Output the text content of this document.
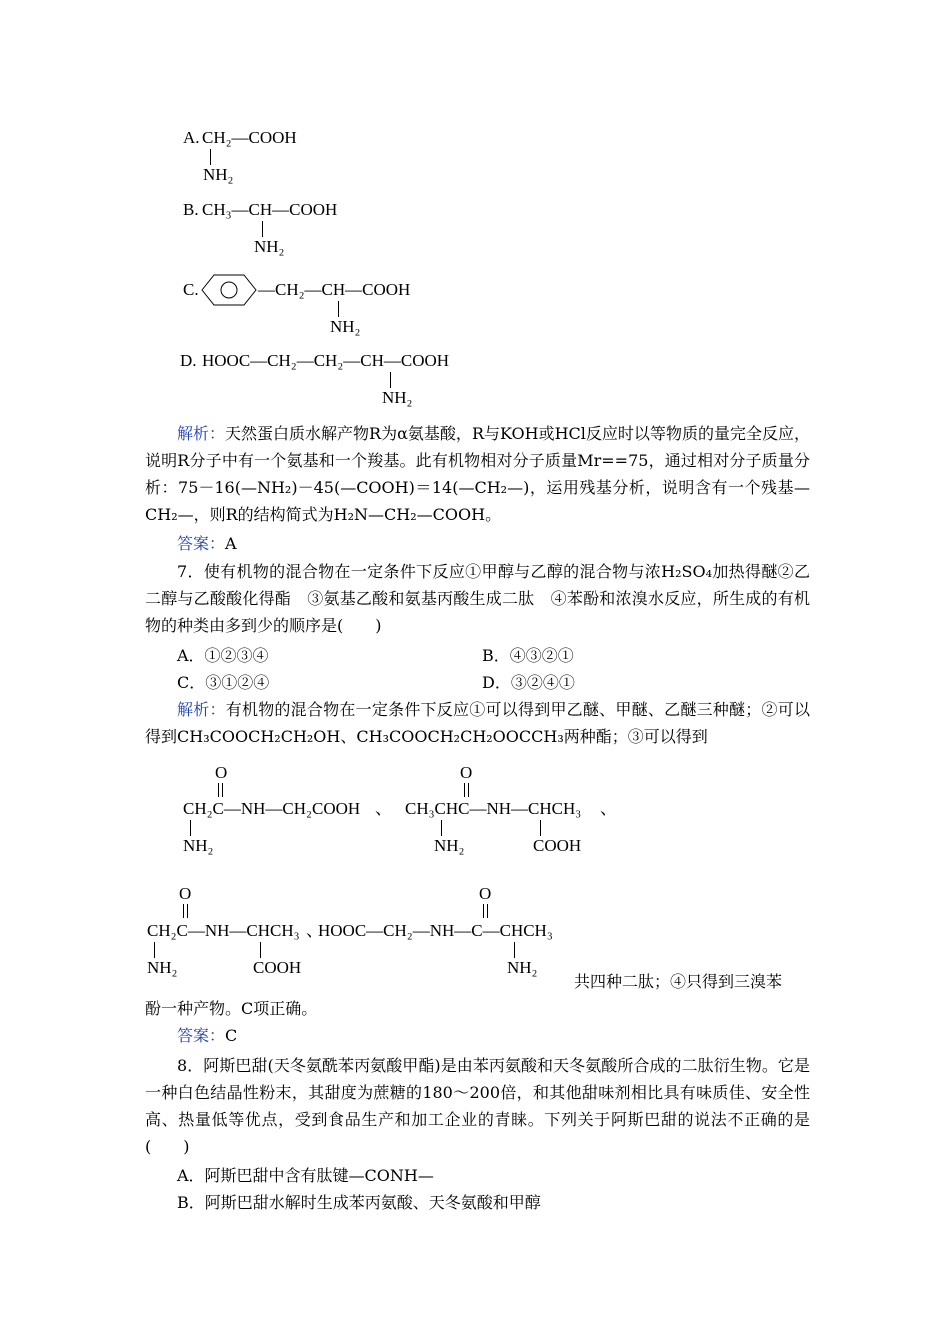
A. CH₂—COOH
NH₂
B. CH₃—CH—COOH
NH₂
C.	—CH₂—CH—COOH
NH₂
D. HOOC—CH₂—CH₂—CH—COOH
NH₂
解析：天然蛋白质水解产物R为α氨基酸，R与KOH或HCl反应时以等物质的量完全反应，说明R分子中有一个氨基和一个羧基。此有机物相对分子质量Mr==75，通过相对分子质量分析：75－16(—NH₂)－45(—COOH)＝14(—CH₂—)，运用残基分析，说明含有一个残基—CH₂—，则R的结构简式为H₂N—CH₂—COOH。
答案：A
7．使有机物的混合物在一定条件下反应①甲醇与乙醇的混合物与浓H₂SO₄加热得醚②乙二醇与乙酸酸化得酯　③氨基乙酸和氨基丙酸生成二肽　④苯酚和浓溴水反应，所生成的有机物的种类由多到少的顺序是(　　)
A．①②③④	B．④③②①
C．③①②④	D．③②④①
解析：有机物的混合物在一定条件下反应①可以得到甲乙醚、甲醚、乙醚三种醚；②可以得到CH₃COOCH₂CH₂OH、CH₃COOCH₂CH₂OOCCH₃两种酯；③可以得到
O
CH₂C—NH—CH₂COOH 、
NH₂
O
CH₃CHC—NH—CHCH₃ 、
NH₂	COOH
O
CH₂C—NH—CHCH₃ 、
NH₂	COOH
O
HOOC—CH₂—NH—C—CHCH₃
NH₂
共四种二肽；④只得到三溴苯
酚一种产物。C项正确。
答案：C
8．阿斯巴甜(天冬氨酰苯丙氨酸甲酯)是由苯丙氨酸和天冬氨酸所合成的二肽衍生物。它是一种白色结晶性粉末，其甜度为蔗糖的180～200倍，和其他甜味剂相比具有味质佳、安全性高、热量低等优点，受到食品生产和加工企业的青睐。下列关于阿斯巴甜的说法不正确的是(　　)
A．阿斯巴甜中含有肽键—CONH—
B．阿斯巴甜水解时生成苯丙氨酸、天冬氨酸和甲醇
